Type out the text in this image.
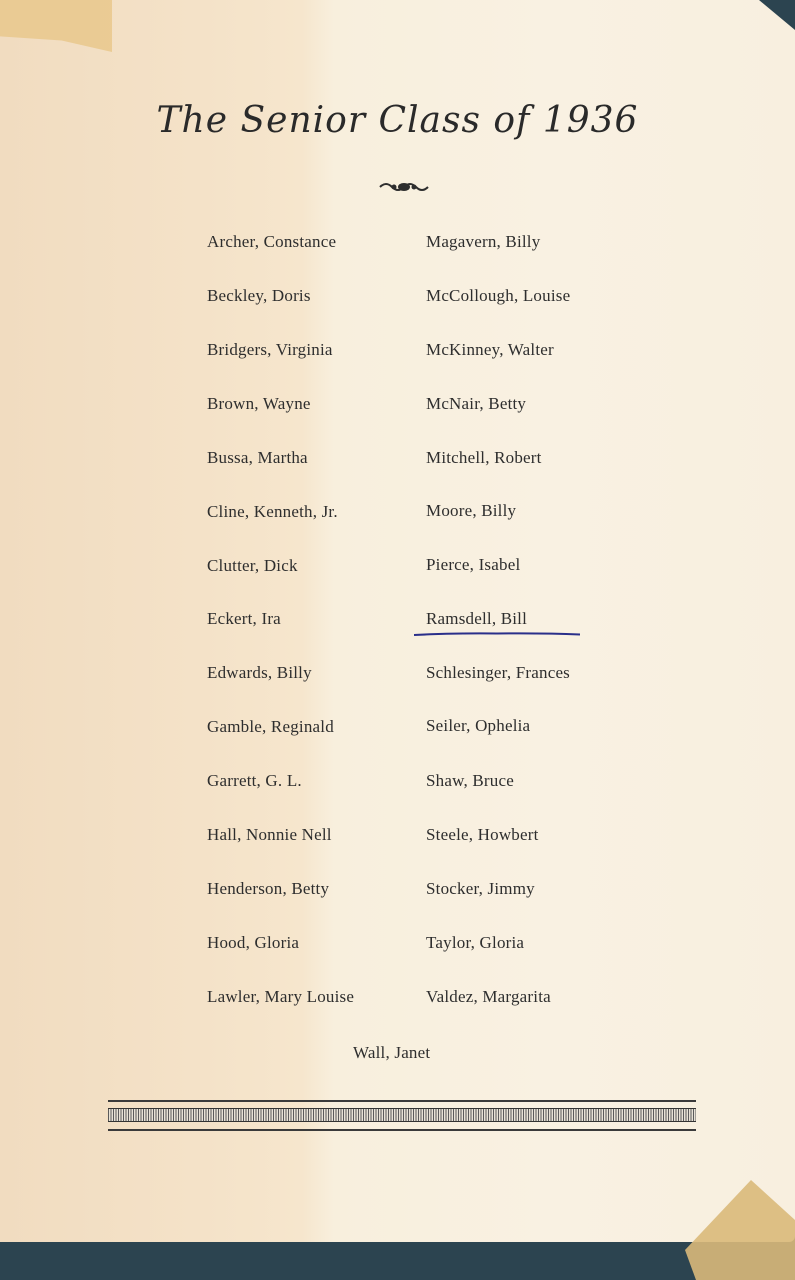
The Senior Class of 1936
Archer, Constance
Beckley, Doris
Bridgers, Virginia
Brown, Wayne
Bussa, Martha
Cline, Kenneth, Jr.
Clutter, Dick
Eckert, Ira
Edwards, Billy
Gamble, Reginald
Garrett, G. L.
Hall, Nonnie Nell
Henderson, Betty
Hood, Gloria
Lawler, Mary Louise
Magavern, Billy
McCollough, Louise
McKinney, Walter
McNair, Betty
Mitchell, Robert
Moore, Billy
Pierce, Isabel
Ramsdell, Bill
Schlesinger, Frances
Seiler, Ophelia
Shaw, Bruce
Steele, Howbert
Stocker, Jimmy
Taylor, Gloria
Valdez, Margarita
Wall, Janet
